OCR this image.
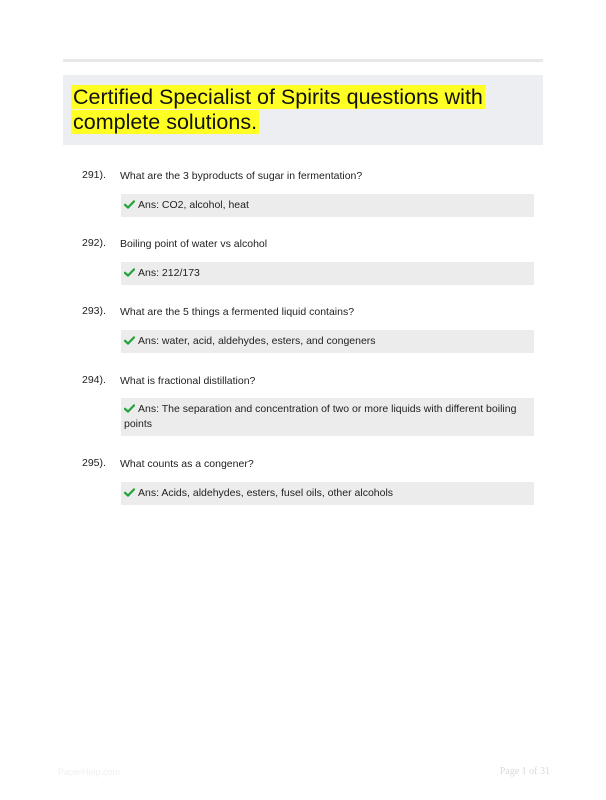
Certified Specialist of Spirits questions with complete solutions.
291). What are the 3 byproducts of sugar in fermentation?
Ans: CO2, alcohol, heat
292). Boiling point of water vs alcohol
Ans: 212/173
293). What are the 5 things a fermented liquid contains?
Ans: water, acid, aldehydes, esters, and congeners
294). What is fractional distillation?
Ans: The separation and concentration of two or more liquids with different boiling points
295). What counts as a congener?
Ans: Acids, aldehydes, esters, fusel oils, other alcohols
PaperHelp.com	Page 1 of 31
